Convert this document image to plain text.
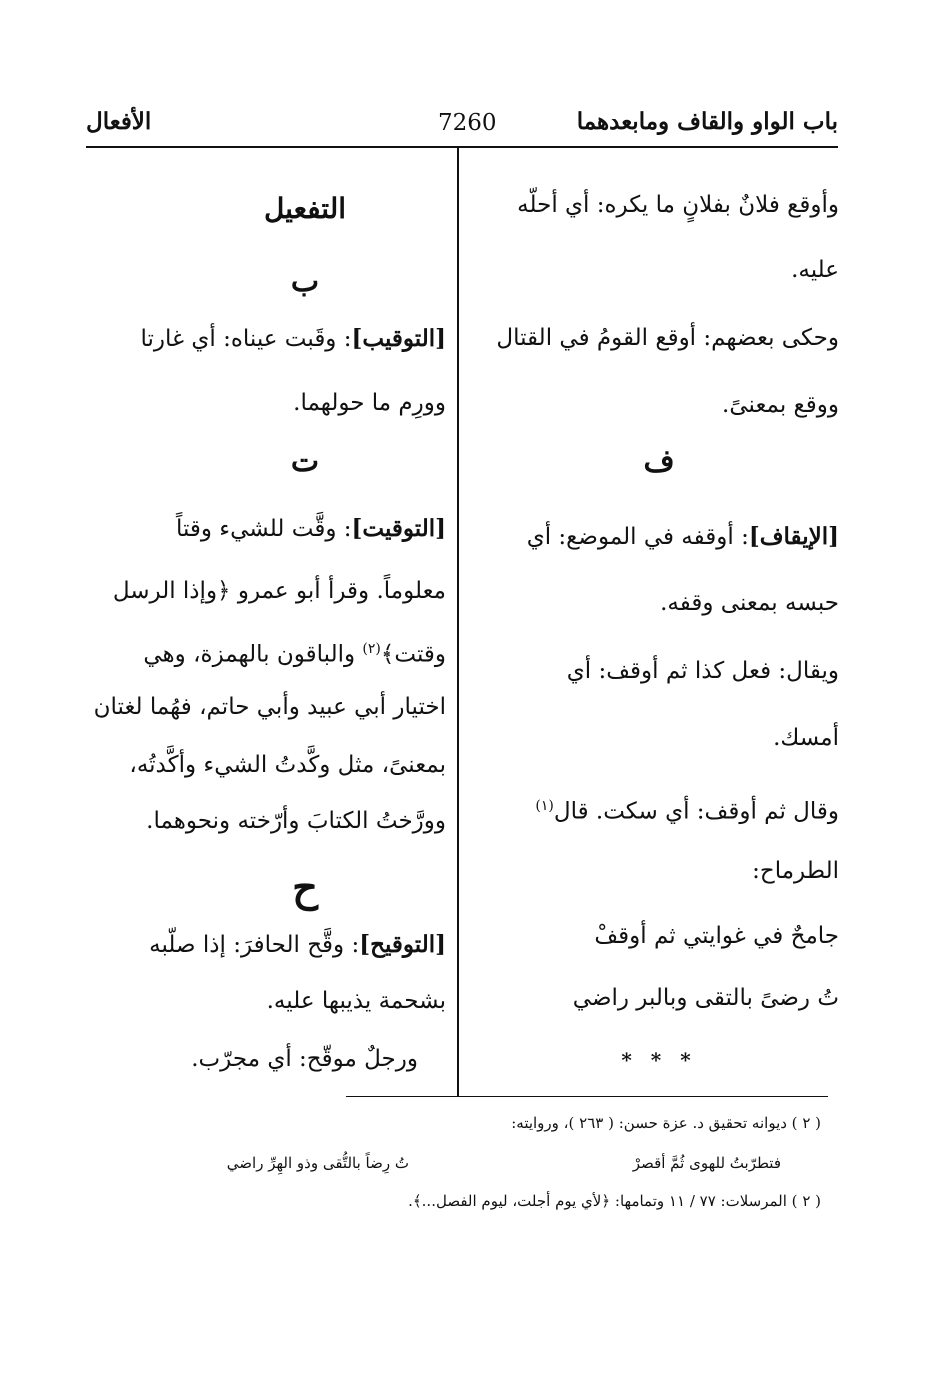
باب الواو والقاف ومابعدهما
7260
الأفعال
وأوقع فلانٌ بفلانٍ ما يكره: أي أحلّه
عليه.
وحكى بعضهم: أوقع القومُ في القتال
ووقع بمعنىً.
ف
[الإيقاف]: أوقفه في الموضع: أي
حبسه بمعنى وقفه.
ويقال: فعل كذا ثم أوقف: أي
أمسك.
وقال ثم أوقف: أي سكت. قال$^{(١)}$
الطرماح:
جامحٌ في غوايتي ثم أوقفْ
تُ رضىً بالتقى وبالبر راضي
* * *
التفعيل
ب
[التوقيب]: وقَبت عيناه: أي غارتا
وورِم ما حولهما.
ت
[التوقيت]: وقَّت للشيء وقتاً
معلوماً. وقرأ أبو عمرو ﴿وإذا الرسل
وقتت﴾$^{(٢)}$ والباقون بالهمزة، وهي
اختيار أبي عبيد وأبي حاتم، فهُما لغتان
بمعنىً، مثل وكَّدتُ الشيء وأكَّدتُه،
وورَّختُ الكتابَ وأرّخته ونحوهما.
ح
[التوقيح]: وقَّح الحافرَ: إذا صلّبه
بشحمة يذيبها عليه.
ورجلٌ موقّح: أي مجرّب.
( ٢ ) ديوانه تحقيق د. عزة حسن: ( ٢٦٣ )، وروايته:
فتطرّبتُ للهوى ثُمَّ أقصرْ
تُ رِضاً بالتُّقى وذو الهِرِّ راضي
( ٢ ) المرسلات: ٧٧ / ١١ وتمامها: ﴿لأي يوم أجلت، ليوم الفصل...﴾.
